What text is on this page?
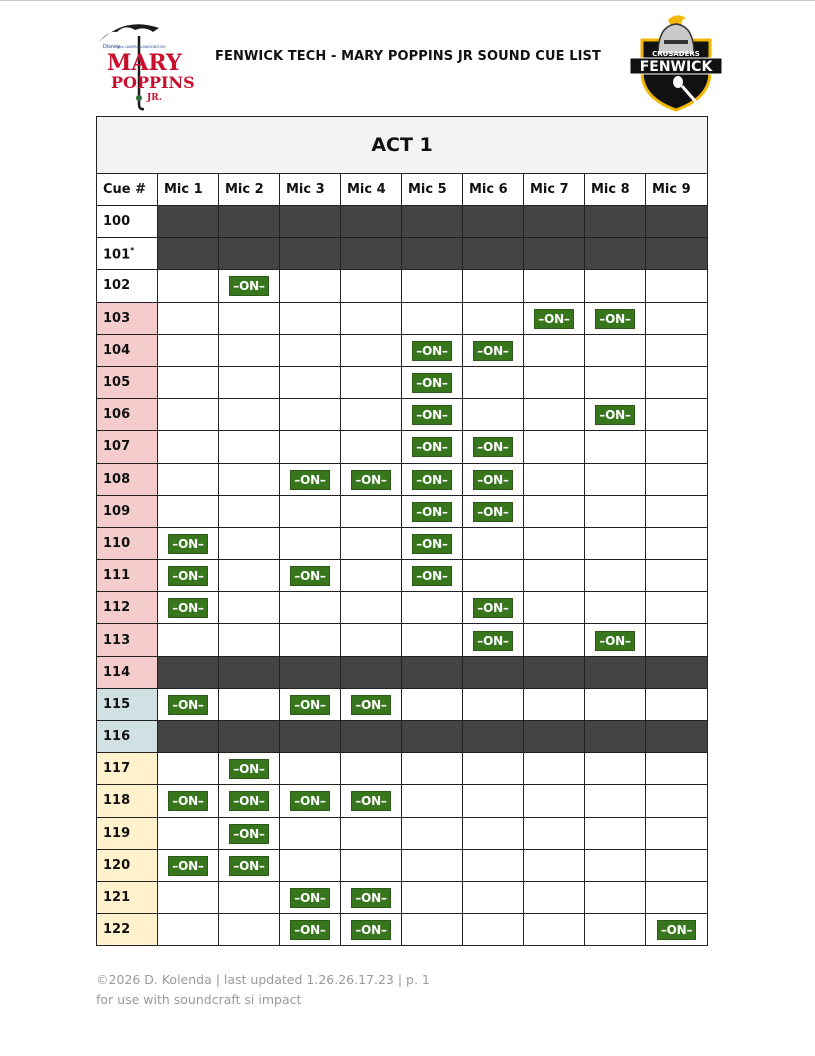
Disney
and CAMERON MACKINTOSH
MARY
POPPINS
JR.
FENWICK TECH - MARY POPPINS JR SOUND CUE LIST	CRUSADERS
FENWICK
ACT 1									
Cue #	Mic 1	Mic 2	Mic 3	Mic 4	Mic 5	Mic 6	Mic 7	Mic 8	Mic 9
100									
101*									
102		–ON–							
103							–ON–	–ON–	
104					–ON–	–ON–			
105					–ON–				
106					–ON–			–ON–	
107					–ON–	–ON–			
108			–ON–	–ON–	–ON–	–ON–			
109					–ON–	–ON–			
110	–ON–				–ON–				
111	–ON–		–ON–		–ON–				
112	–ON–					–ON–			
113						–ON–		–ON–	
114									
115	–ON–		–ON–	–ON–					
116									
117		–ON–							
118	–ON–	–ON–	–ON–	–ON–					
119		–ON–							
120	–ON–	–ON–							
121			–ON–	–ON–					
122			–ON–	–ON–					–ON–
©2026 D. Kolenda | last updated 1.26.26.17.23 | p. 1
for use with soundcraft si impact
